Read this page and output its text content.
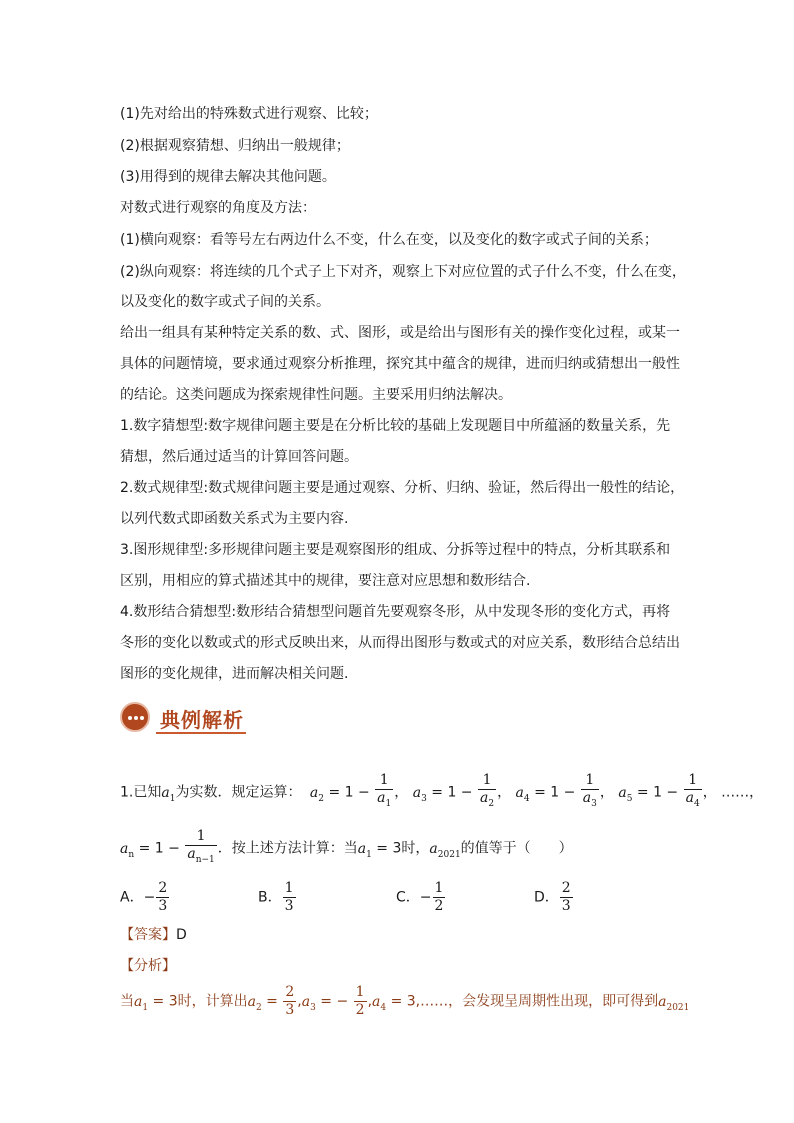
(1)先对给出的特殊数式进行观察、比较；
(2)根据观察猜想、归纳出一般规律；
(3)用得到的规律去解决其他问题。
对数式进行观察的角度及方法：
(1)横向观察：看等号左右两边什么不变，什么在变，以及变化的数字或式子间的关系；
(2)纵向观察：将连续的几个式子上下对齐，观察上下对应位置的式子什么不变，什么在变，
以及变化的数字或式子间的关系。
给出一组具有某种特定关系的数、式、图形，或是给出与图形有关的操作变化过程，或某一
具体的问题情境，要求通过观察分析推理，探究其中蕴含的规律，进而归纳或猜想出一般性
的结论。这类问题成为探索规律性问题。主要采用归纳法解决。
1.数字猜想型:数字规律问题主要是在分析比较的基础上发现题目中所蕴涵的数量关系，先
猜想，然后通过适当的计算回答问题。
2.数式规律型:数式规律问题主要是通过观察、分析、归纳、验证，然后得出一般性的结论，
以列代数式即函数关系式为主要内容.
3.图形规律型:多形规律问题主要是观察图形的组成、分拆等过程中的特点，分析其联系和
区别，用相应的算式描述其中的规律，要注意对应思想和数形结合.
4.数形结合猜想型:数形结合猜想型问题首先要观察冬形，从中发现冬形的变化方式，再将
冬形的变化以数或式的形式反映出来，从而得出图形与数或式的对应关系，数形结合总结出
图形的变化规律，进而解决相关问题.
典例解析
1.已知$a_1$为实数．规定运算： $a_2 = 1 - \frac{1}{a_1}$ ， $a_3 = 1 - \frac{1}{a_2}$ ， $a_4 = 1 - \frac{1}{a_3}$ ， $a_5 = 1 - \frac{1}{a_4}$ ， ……，
$a_n = 1 - \frac{1}{a_{n-1}}$ ．按上述方法计算：当$a_1 = 3$时，$a_{2021}$的值等于（　　）
A．− $\frac{2}{3}$	B． $\frac{1}{3}$	C．− $\frac{1}{2}$	D． $\frac{2}{3}$
【答案】D
【分析】
当$a_1 = 3$时，计算出$a_2 = \frac{2}{3} ,a_3$ = − $\frac{1}{2} ,a_4$ = 3,……，会发现呈周期性出现，即可得到$a_{2021}$
